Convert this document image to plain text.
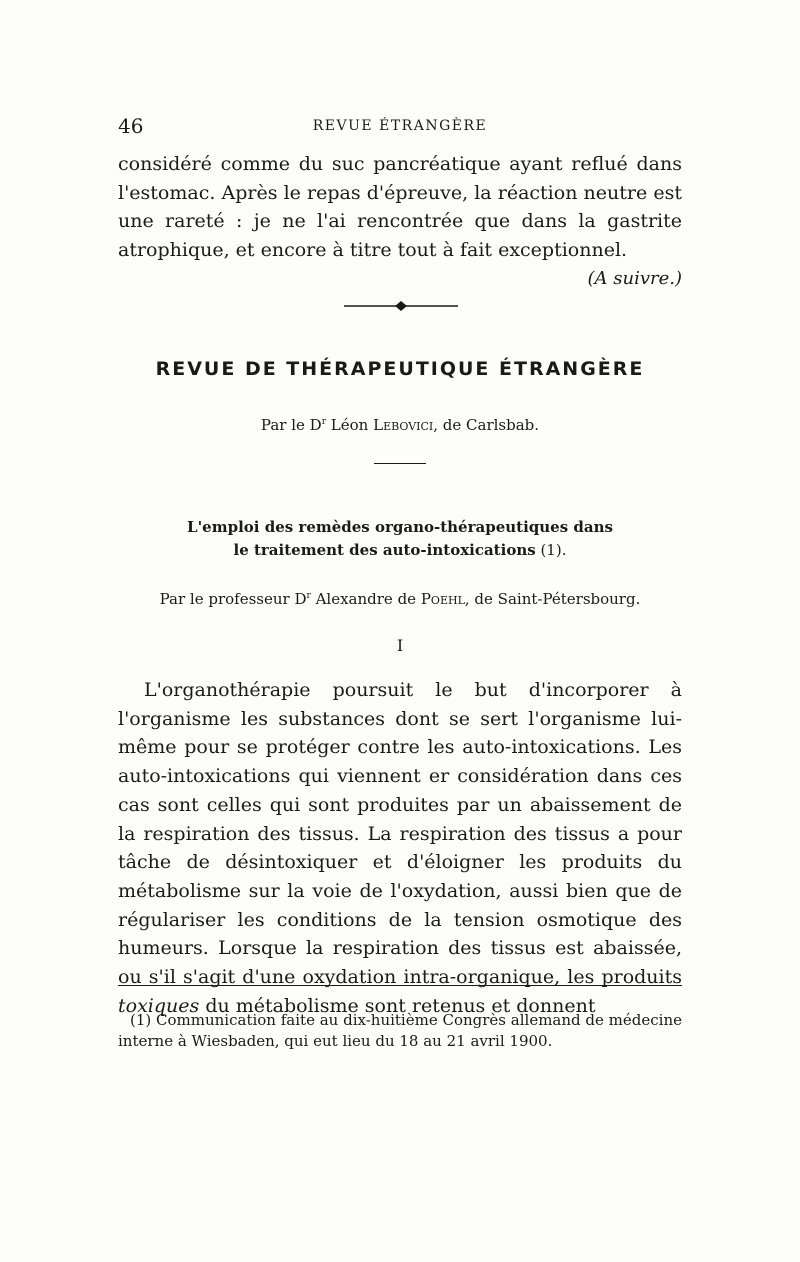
46	REVUE ÉTRANGÈRE

considéré comme du suc pancréatique ayant reflué dans l'estomac. Après le repas d'épreuve, la réaction neutre est une rareté : je ne l'ai rencontrée que dans la gastrite atrophique, et encore à titre tout à fait exceptionnel.

(A suivre.)
REVUE DE THÉRAPEUTIQUE ÉTRANGÈRE
Par le $D^r$ Léon Lebovici, de Carlsbab.
L'emploi des remèdes organo-thérapeutiques dans
le traitement des auto-intoxications (1).
Par le professeur $D^r$ Alexandre de Poehl, de Saint-Pétersbourg.
I

L'organothérapie poursuit le but d'incorporer à l'organisme les substances dont se sert l'organisme lui-même pour se protéger contre les auto-intoxications. Les auto-intoxications qui viennent er considération dans ces cas sont celles qui sont produites par un abaissement de la respiration des tissus. La respiration des tissus a pour tâche de désintoxiquer et d'éloigner les produits du métabolisme sur la voie de l'oxydation, aussi bien que de régulariser les conditions de la tension osmotique des humeurs. Lorsque la respiration des tissus est abaissée, ou s'il s'agit d'une oxydation intra-organique, les produits toxiques du métabolisme sont retenus et donnent

(1) Communication faite au dix-huitième Congrès allemand de médecine interne à Wiesbaden, qui eut lieu du 18 au 21 avril 1900.
